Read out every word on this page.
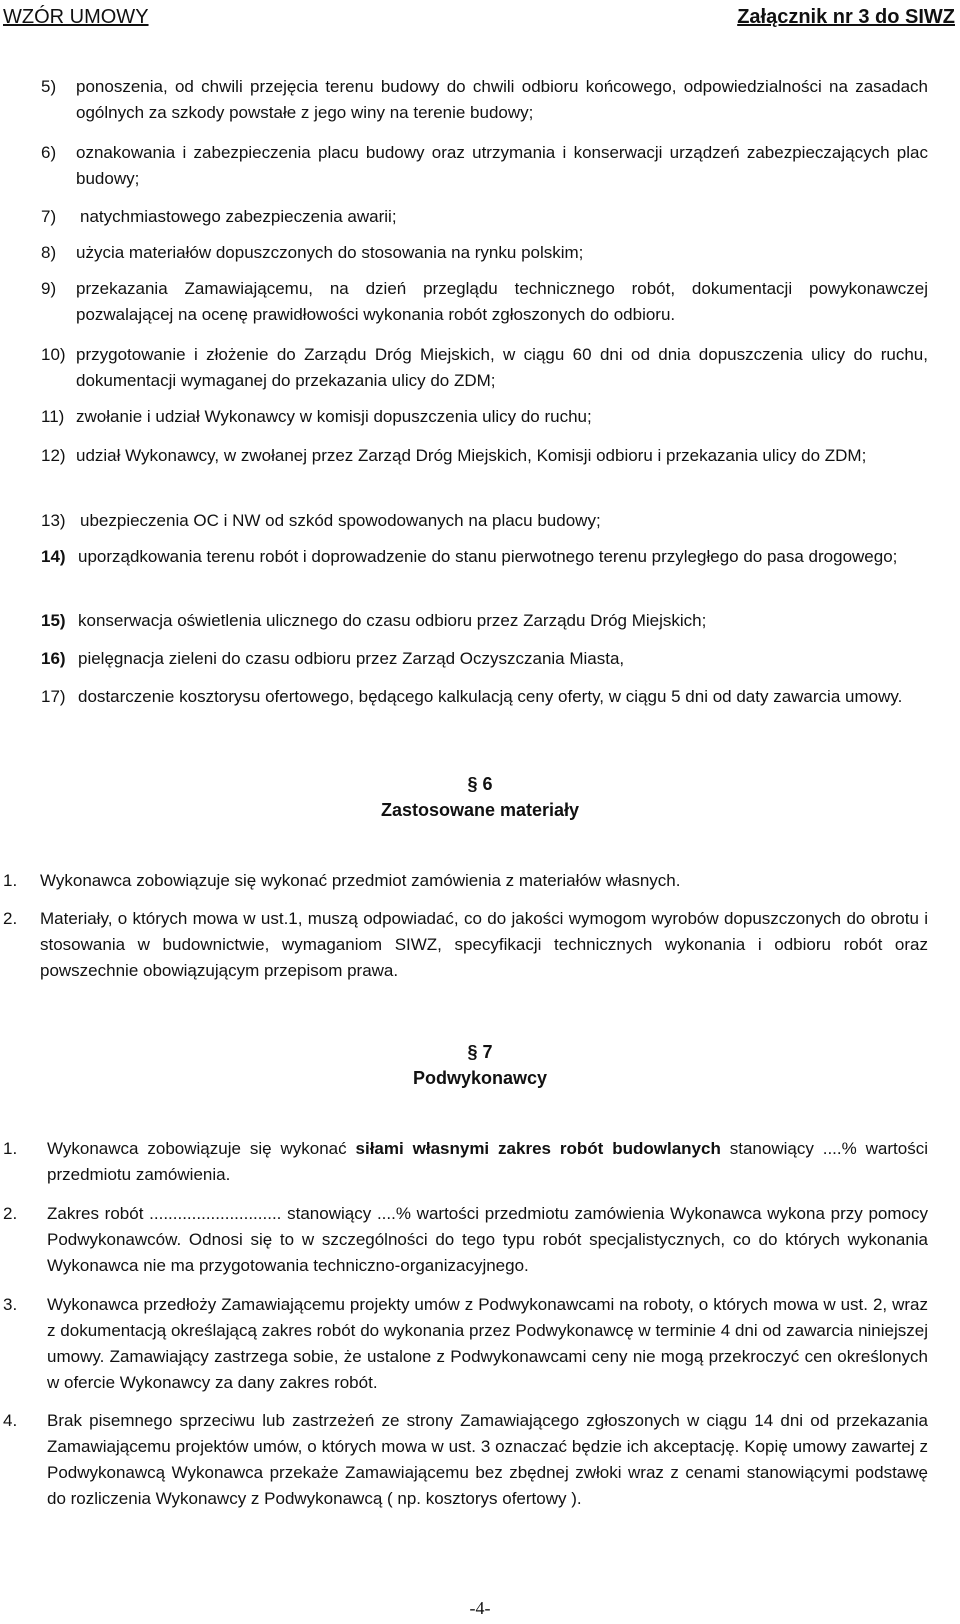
WZÓR UMOWY	Załącznik nr 3 do SIWZ
5) ponoszenia, od chwili przejęcia terenu budowy do chwili odbioru końcowego, odpowiedzialności na zasadach ogólnych za szkody powstałe z jego winy na terenie budowy;
6) oznakowania i zabezpieczenia placu budowy oraz utrzymania i konserwacji urządzeń zabezpieczających plac budowy;
7) natychmiastowego zabezpieczenia awarii;
8) użycia materiałów dopuszczonych do stosowania na rynku polskim;
9) przekazania Zamawiającemu, na dzień przeglądu technicznego robót, dokumentacji powykonawczej pozwalającej na ocenę prawidłowości wykonania robót zgłoszonych do odbioru.
10) przygotowanie i złożenie do Zarządu Dróg Miejskich, w ciągu 60 dni od dnia dopuszczenia ulicy do ruchu, dokumentacji wymaganej do przekazania ulicy do ZDM;
11) zwołanie i udział Wykonawcy w komisji dopuszczenia ulicy do ruchu;
12) udział Wykonawcy, w zwołanej przez Zarząd Dróg Miejskich, Komisji odbioru i przekazania ulicy do ZDM;
13) ubezpieczenia OC i NW od szkód spowodowanych na placu budowy;
14) uporządkowania terenu robót i doprowadzenie do stanu pierwotnego terenu przyległego do pasa drogowego;
15) konserwacja oświetlenia ulicznego do czasu odbioru przez Zarządu Dróg Miejskich;
16) pielęgnacja zieleni do czasu odbioru przez Zarząd Oczyszczania Miasta,
17) dostarczenie kosztorysu ofertowego, będącego kalkulacją ceny oferty, w ciągu 5 dni od daty zawarcia umowy.
§ 6
Zastosowane materiały
1. Wykonawca zobowiązuje się wykonać przedmiot zamówienia z materiałów własnych.
2. Materiały, o których mowa w ust.1, muszą odpowiadać, co do jakości wymogom wyrobów dopuszczonych do obrotu i stosowania w budownictwie, wymaganiom SIWZ, specyfikacji technicznych wykonania i odbioru robót oraz powszechnie obowiązującym przepisom prawa.
§ 7
Podwykonawcy
1. Wykonawca zobowiązuje się wykonać siłami własnymi zakres robót budowlanych stanowiący ....% wartości przedmiotu zamówienia.
2. Zakres robót ............................ stanowiący ....% wartości przedmiotu zamówienia Wykonawca wykona przy pomocy Podwykonawców. Odnosi się to w szczególności do tego typu robót specjalistycznych, co do których wykonania Wykonawca nie ma przygotowania techniczno-organizacyjnego.
3. Wykonawca przedłoży Zamawiającemu projekty umów z Podwykonawcami na roboty, o których mowa w ust. 2, wraz z dokumentacją określającą zakres robót do wykonania przez Podwykonawcę w terminie 4 dni od zawarcia niniejszej umowy. Zamawiający zastrzega sobie, że ustalone z Podwykonawcami ceny nie mogą przekroczyć cen określonych w ofercie Wykonawcy za dany zakres robót.
4. Brak pisemnego sprzeciwu lub zastrzeżeń ze strony Zamawiającego zgłoszonych w ciągu 14 dni od przekazania Zamawiającemu projektów umów, o których mowa w ust. 3 oznaczać będzie ich akceptację. Kopię umowy zawartej z Podwykonawcą Wykonawca przekaże Zamawiającemu bez zbędnej zwłoki wraz z cenami stanowiącymi podstawę do rozliczenia Wykonawcy z Podwykonawcą ( np. kosztorys ofertowy ).
-4-
